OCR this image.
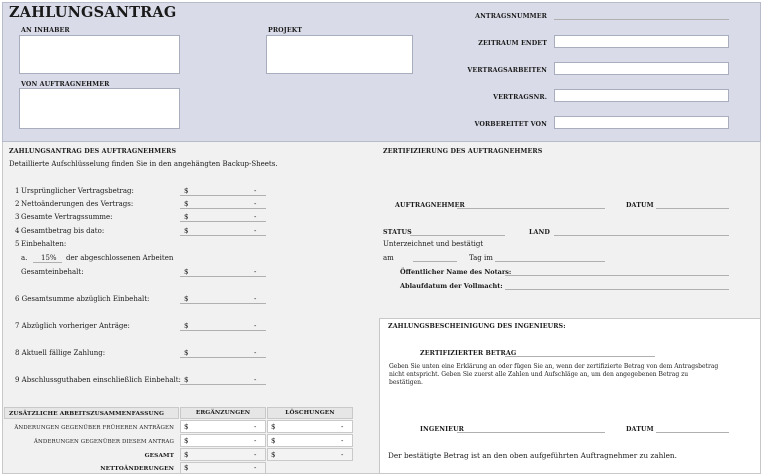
ZAHLUNGSANTRAG
AN INHABER	PROJEKT
VON AUFTRAGNEHMER
ANTRAGSNUMMER
ZEITRAUM ENDET
VERTRAGSARBEITEN
VERTRAGSNR.
VORBEREITET VON
ZAHLUNGSANTRAG DES AUFTRAGNEHMERS
Detaillierte Aufschlüsselung finden Sie in den angehängten Backup-Sheets.
1 Ursprünglicher Vertragsbetrag:	$	-
2 Nettoänderungen des Vertrags:	$	-
3 Gesamte Vertragssumme:	$	-
4 Gesamtbetrag bis dato:	$	-
5 Einbehalten:
a. 15% der abgeschlossenen Arbeiten
Gesamteinbehalt:	$	-
6 Gesamtsumme abzüglich Einbehalt:	$	-
7 Abzüglich vorheriger Anträge:	$	-
8 Aktuell fällige Zahlung:	$	-
9 Abschlussguthaben einschließlich Einbehalt: $	-
ZUSÄTZLICHE ARBEITSZUSAMMENFASSUNG	ERGÄNZUNGEN	LÖSCHUNGEN
ÄNDERUNGEN GEGENÜBER FRÜHEREN ANTRÄGEN $	- $	-
ÄNDERUNGEN GEGENÜBER DIESEM ANTRAG $	- $	-
GESAMT $	- $	-
NETTOÄNDERUNGEN $	-
ZERTIFIZIERUNG DES AUFTRAGNEHMERS
AUFTRAGNEHMER	DATUM
STATUS	LAND
Unterzeichnet und bestätigt
am	Tag im
Öffentlicher Name des Notars:
Ablaufdatum der Vollmacht:
ZAHLUNGSBESCHEINIGUNG DES INGENIEURS:
ZERTIFIZIERTER BETRAG
Geben Sie unten eine Erklärung an oder fügen Sie an, wenn der zertifizierte Betrag von dem Antragsbetrag nicht entspricht. Geben Sie zuerst alle Zahlen und Aufschläge an, um den angegebenen Betrag zu bestätigen.
INGENIEUR	DATUM
Der bestätigte Betrag ist an den oben aufgeführten Auftragnehmer zu zahlen.
